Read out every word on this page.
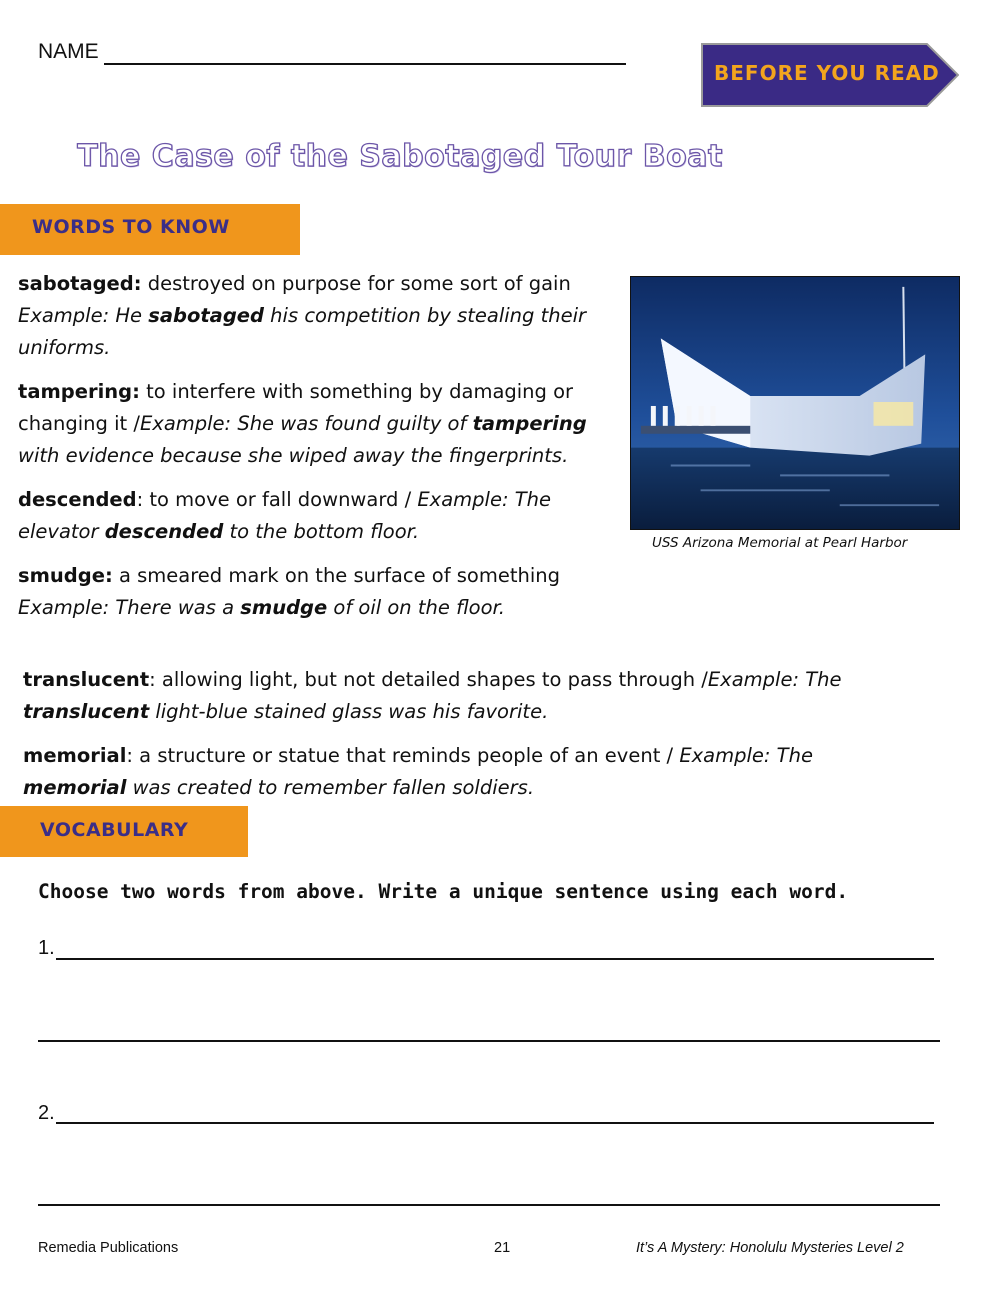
NAME
BEFORE YOU READ
The Case of the Sabotaged Tour Boat
WORDS TO KNOW

sabotaged: destroyed on purpose for some sort of gain
Example: He sabotaged his competition by stealing their uniforms.

tampering: to interfere with something by damaging or changing it /Example: She was found guilty of tampering with evidence because she wiped away the fingerprints.

descended: to move or fall downward / Example: The elevator descended to the bottom floor.

smudge: a smeared mark on the surface of something
Example: There was a smudge of oil on the floor.

USS Arizona Memorial at Pearl Harbor

translucent: allowing light, but not detailed shapes to pass through /Example: The
translucent light-blue stained glass was his favorite.

memorial: a structure or statue that reminds people of an event / Example: The
memorial was created to remember fallen soldiers.

VOCABULARY
Choose two words from above. Write a unique sentence using each word.
1.
2.
Remedia Publications	21	It’s A Mystery: Honolulu Mysteries Level 2
